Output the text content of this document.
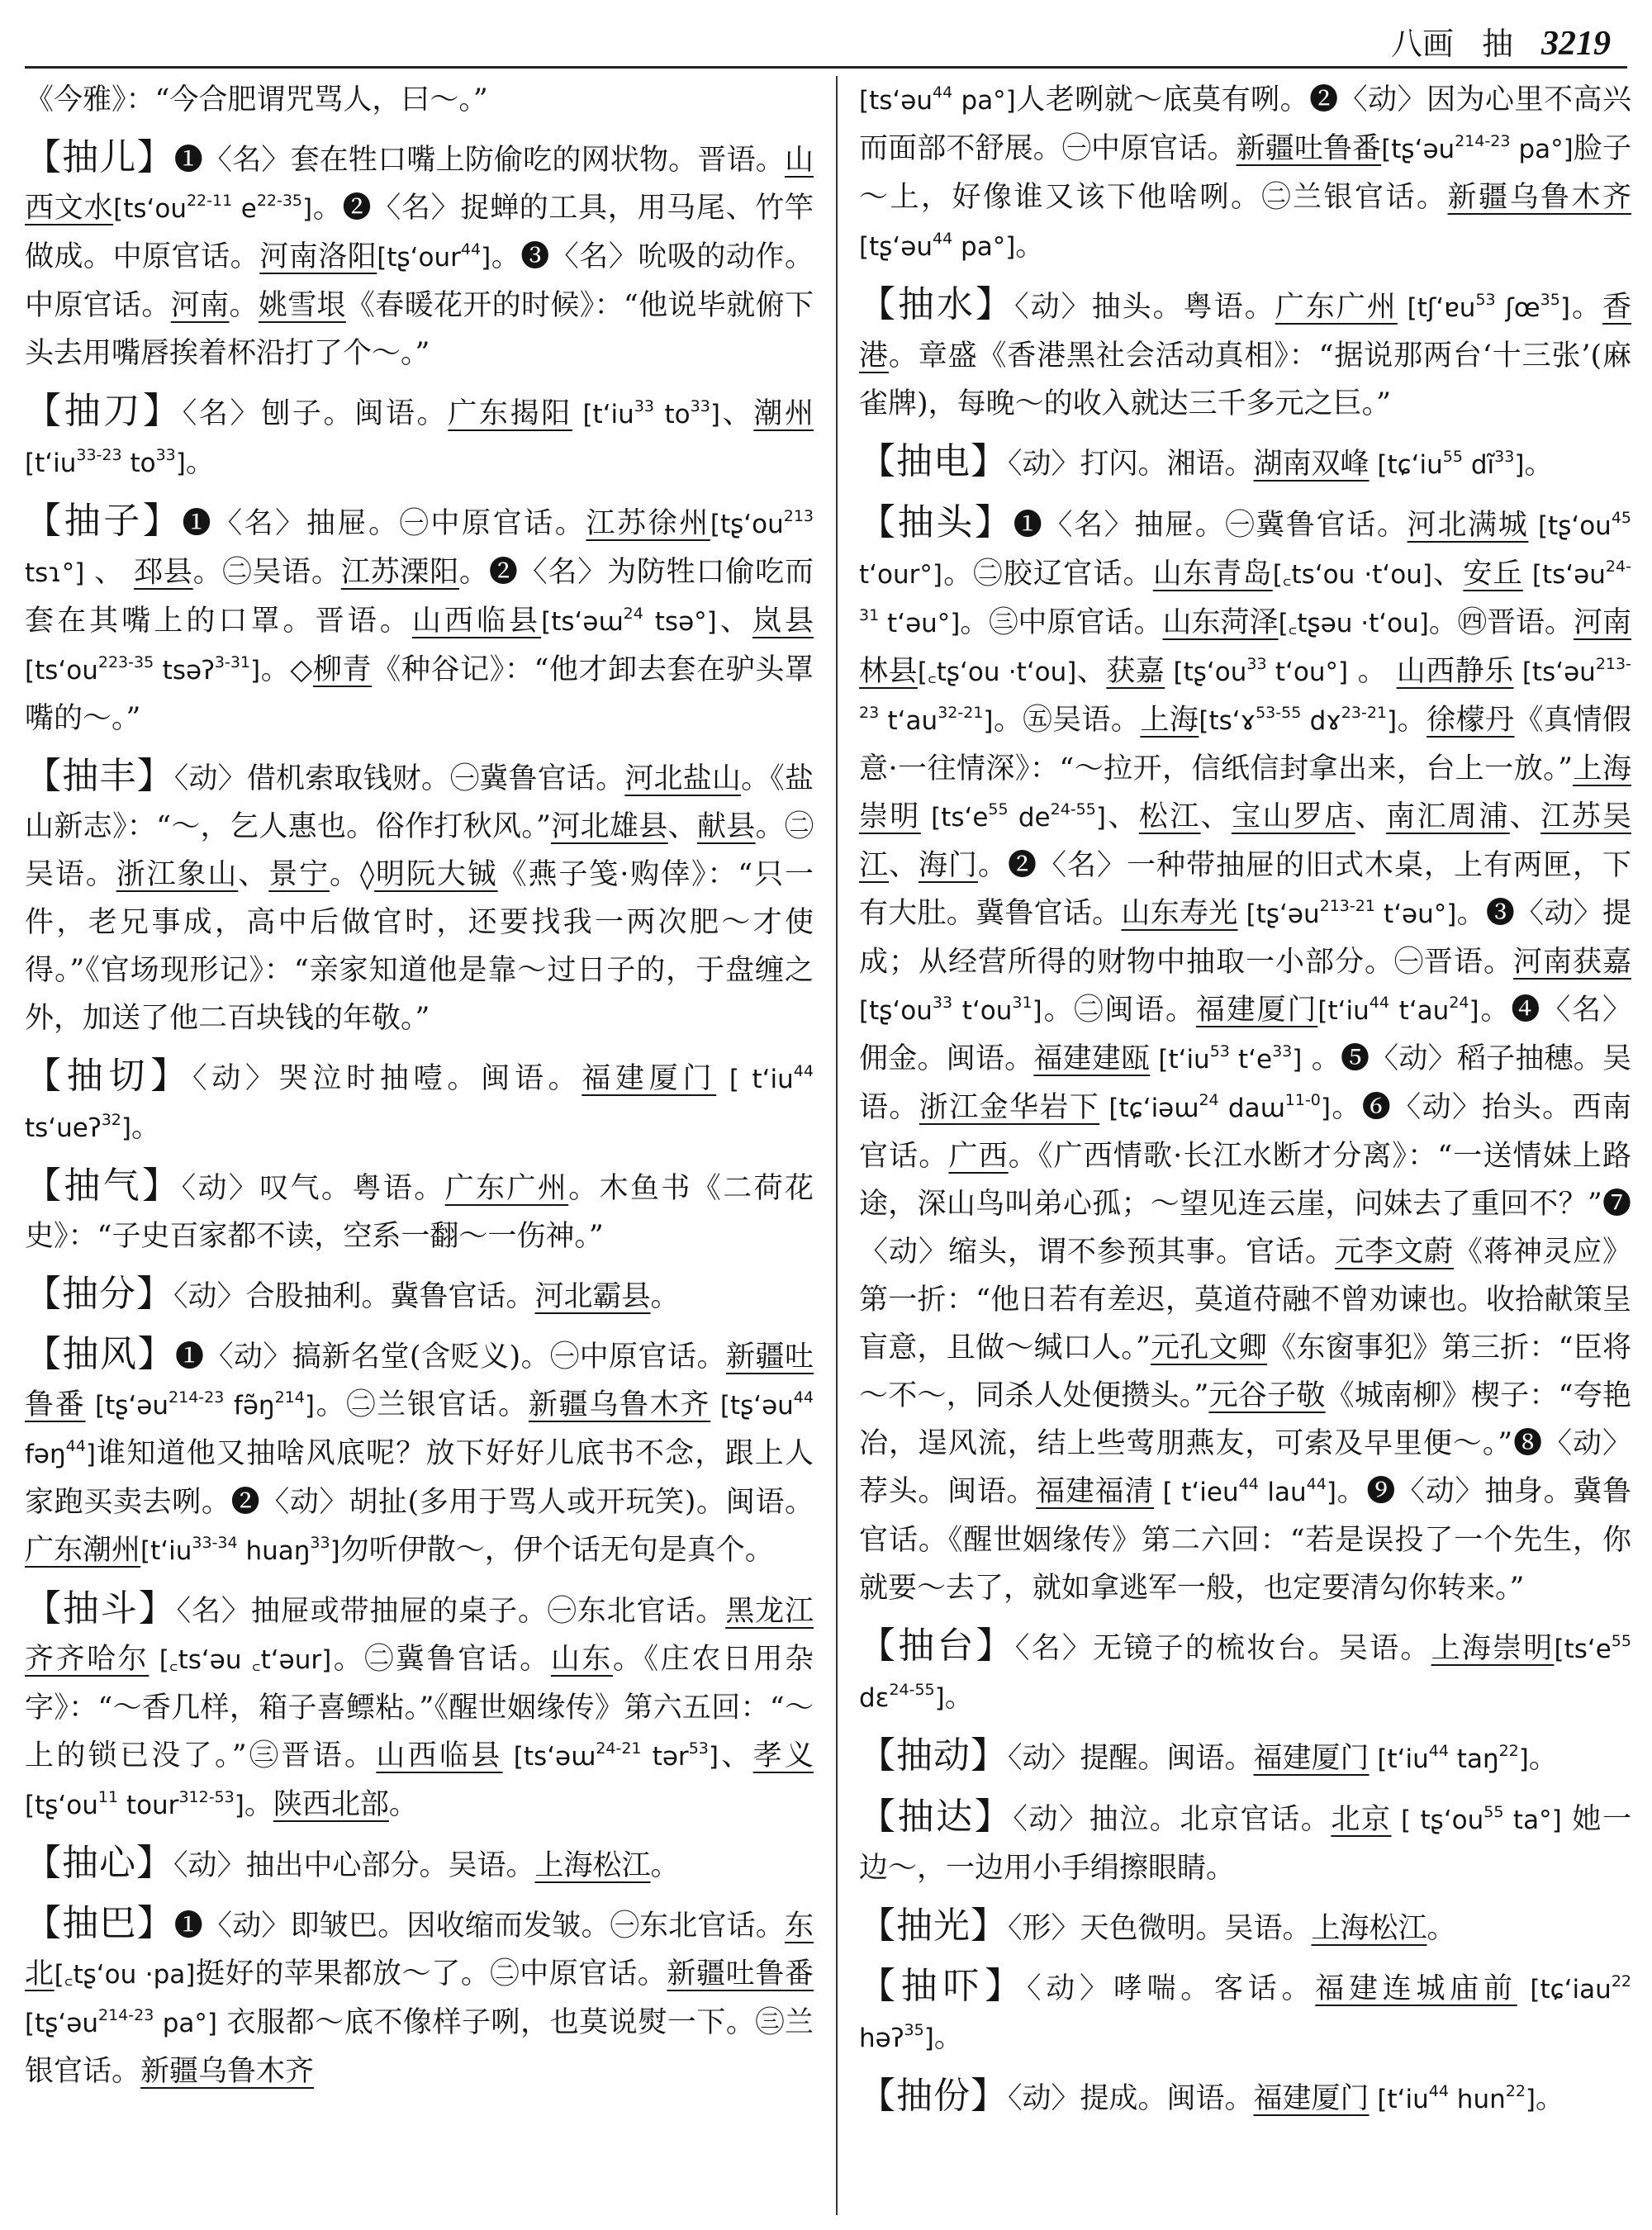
八画 抽 3219

《今雅》：“今合肥谓咒骂人，曰～。”

【抽儿】❶〈名〉套在牲口嘴上防偷吃的网状物。晋语。山西文水[tsʻou$^{22-11}$ $e^{22-35}$]。❷〈名〉捉蝉的工具，用马尾、竹竿做成。中原官话。河南洛阳[tʂʻour$^{44}$]。❸〈名〉吮吸的动作。中原官话。河南。姚雪垠《春暖花开的时候》：“他说毕就俯下头去用嘴唇挨着杯沿打了个～。”

【抽刀】〈名〉刨子。闽语。广东揭阳 [tʻiu$^{33}$ $to^{33}$]、潮州 [tʻiu$^{33-23}$ $to^{33}$]。

【抽子】❶〈名〉抽屉。㊀中原官话。江苏徐州[tʂʻou$^{213}$ tsɿ°] 、 邳县。㊁吴语。江苏溧阳。❷〈名〉为防牲口偷吃而套在其嘴上的口罩。晋语。山西临县[tsʻəɯ$^{24}$ tsə°]、岚县 [tsʻou$^{223-35}$ tsəʔ$^{3-31}$]。◇柳青《种谷记》：“他才卸去套在驴头罩嘴的～。”

【抽丰】〈动〉借机索取钱财。㊀冀鲁官话。河北盐山。《盐山新志》：“～，乞人惠也。俗作打秋风。”河北雄县、献县。㊁吴语。浙江象山、景宁。◊明阮大铖《燕子笺·购倖》：“只一件，老兄事成，高中后做官时，还要找我一两次肥～才使得。”《官场现形记》：“亲家知道他是靠～过日子的，于盘缠之外，加送了他二百块钱的年敬。”

【抽切】〈动〉哭泣时抽噎。闽语。福建厦门 [ tʻiu$^{44}$ tsʻueʔ$^{32}$]。

【抽气】〈动〉叹气。粤语。广东广州。木鱼书《二荷花史》：“子史百家都不读，空系一翻～一伤神。”

【抽分】〈动〉合股抽利。冀鲁官话。河北霸县。

【抽风】❶〈动〉搞新名堂(含贬义)。㊀中原官话。新疆吐鲁番 [tʂʻəu$^{214-23}$ $fə̃ŋ^{214}$]。㊁兰银官话。新疆乌鲁木齐 [tʂʻəu$^{44}$ fəŋ$^{44}$]谁知道他又抽啥风底呢？放下好好儿底书不念，跟上人家跑买卖去咧。❷〈动〉胡扯(多用于骂人或开玩笑)。闽语。广东潮州[tʻiu$^{33-34}$ huaŋ$^{33}$]勿听伊散～，伊个话无句是真个。

【抽斗】〈名〉抽屉或带抽屉的桌子。㊀东北官话。黑龙江齐齐哈尔 [꜀tsʻəu ꜀tʻəur]。㊁冀鲁官话。山东。《庄农日用杂字》：“～香几样，箱子喜鳔粘。”《醒世姻缘传》第六五回：“～上的锁已没了。”㊂晋语。山西临县 [tsʻəɯ$^{24-21}$ tər$^{53}$]、孝义 [tʂʻou$^{11}$ tour$^{312-53}$]。陕西北部。

【抽心】〈动〉抽出中心部分。吴语。上海松江。

【抽巴】❶〈动〉即皱巴。因收缩而发皱。㊀东北官话。东北[꜀tʂʻou ·pa]挺好的苹果都放～了。㊁中原官话。新疆吐鲁番 [tʂʻəu$^{214-23}$ pa°] 衣服都～底不像样子咧，也莫说熨一下。㊂兰银官话。新疆乌鲁木齐

[tsʻəu$^{44}$ pa°]人老咧就～底莫有咧。❷〈动〉因为心里不高兴而面部不舒展。㊀中原官话。新疆吐鲁番[tʂʻəu$^{214-23}$ pa°]脸子～上，好像谁又该下他啥咧。㊁兰银官话。新疆乌鲁木齐 [tʂʻəu$^{44}$ pa°]。

【抽水】〈动〉抽头。粤语。广东广州 [tʃʻɐu$^{53}$ ʃœ$^{35}$]。香港。章盛《香港黑社会活动真相》：“据说那两台‘十三张’(麻雀牌)，每晚～的收入就达三千多元之巨。”

【抽电】〈动〉打闪。湘语。湖南双峰 [tɕʻiu$^{55}$ $dĩ^{33}$]。

【抽头】❶〈名〉抽屉。㊀冀鲁官话。河北满城 [tʂʻou$^{45}$ tʻour°]。㊁胶辽官话。山东青岛[꜀tsʻou ·tʻou]、安丘 [tsʻəu$^{24-31}$ tʻəu°]。㊂中原官话。山东菏泽[꜀tʂəu ·tʻou]。㊃晋语。河南林县[꜀tʂʻou ·tʻou]、获嘉 [tʂʻou$^{33}$ tʻou°] 。 山西静乐 [tsʻəu$^{213-23}$ tʻau$^{32-21}$]。㊄吴语。上海[tsʻɤ$^{53-55}$ dɤ$^{23-21}$]。徐檬丹《真情假意·一往情深》：“～拉开，信纸信封拿出来，台上一放。”上海崇明 [tsʻe$^{55}$ $de^{24-55}$]、松江、宝山罗店、南汇周浦、江苏吴江、海门。❷〈名〉一种带抽屉的旧式木桌，上有两匣，下有大肚。冀鲁官话。山东寿光 [tʂʻəu$^{213-21}$ tʻəu°]。❸〈动〉提成；从经营所得的财物中抽取一小部分。㊀晋语。河南获嘉[tʂʻou$^{33}$ tʻou$^{31}$]。㊁闽语。福建厦门[tʻiu$^{44}$ tʻau$^{24}$]。❹〈名〉佣金。闽语。福建建瓯 [tʻiu$^{53}$ tʻe$^{33}$] 。❺〈动〉稻子抽穗。吴语。浙江金华岩下 [tɕʻiəɯ$^{24}$ daɯ$^{11-0}$]。❻〈动〉抬头。西南官话。广西。《广西情歌·长江水断才分离》：“一送情妹上路途，深山鸟叫弟心孤；～望见连云崖，问妹去了重回不？”❼〈动〉缩头，谓不参预其事。官话。元李文蔚《蒋神灵应》第一折：“他日若有差迟，莫道苻融不曾劝谏也。收拾献策呈盲意，且做～缄口人。”元孔文卿《东窗事犯》第三折：“臣将～不～，同杀人处便攒头。”元谷子敬《城南柳》楔子：“夸艳冶，逞风流，结上些莺朋燕友，可索及早里便～。”❽〈动〉荐头。闽语。福建福清 [ tʻieu$^{44}$ lau$^{44}$]。❾〈动〉抽身。冀鲁官话。《醒世姻缘传》第二六回：“若是误投了一个先生，你就要～去了，就如拿逃军一般，也定要清勾你转来。”

【抽台】〈名〉无镜子的梳妆台。吴语。上海崇明[tsʻe$^{55}$ dɛ$^{24-55}$]。

【抽动】〈动〉提醒。闽语。福建厦门 [tʻiu$^{44}$ taŋ$^{22}$]。

【抽达】〈动〉抽泣。北京官话。北京 [ tʂʻou$^{55}$ ta°] 她一边～，一边用小手绢擦眼睛。

【抽光】〈形〉天色微明。吴语。上海松江。

【抽吓】〈动〉哮喘。客话。福建连城庙前 [tɕʻiau$^{22}$ həʔ$^{35}$]。

【抽份】〈动〉提成。闽语。福建厦门 [tʻiu$^{44}$ hun$^{22}$]。
